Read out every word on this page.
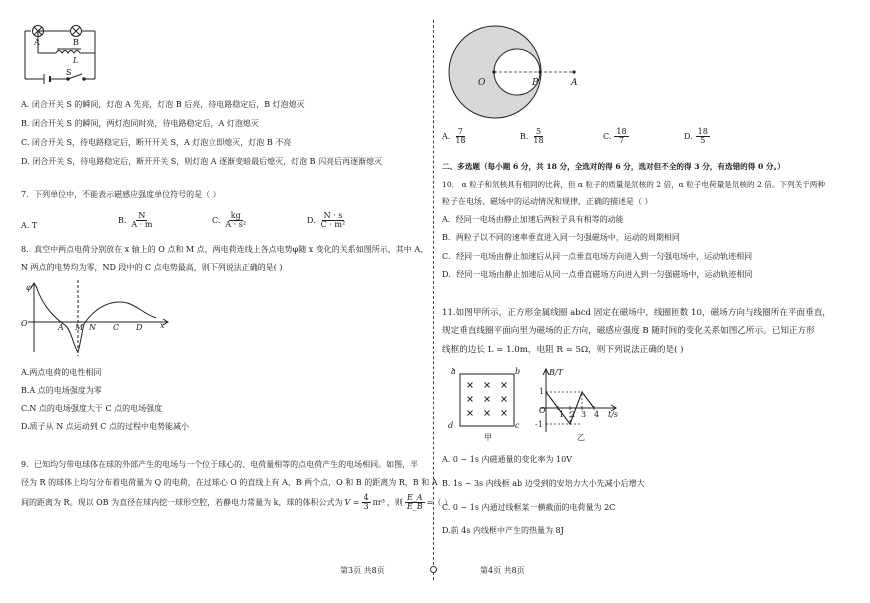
A	B
L
S
A. 闭合开关 S 的瞬间，灯泡 A 先亮，灯泡 B 后亮，待电路稳定后，B 灯泡熄灭
B. 闭合开关 S 的瞬间，两灯泡同时亮，待电路稳定后，A 灯泡熄灭
C. 闭合开关 S，待电路稳定后，断开开关 S，A 灯泡立即熄灭，灯泡 B 不亮
D. 闭合开关 S，待电路稳定后，断开开关 S，则灯泡 A 逐渐变暗最后熄灭，灯泡 B 闪亮后再逐渐熄灭
7．下列单位中，不能表示磁感应强度单位符号的是（ ）
A. T
B. $\frac{N}{A \cdot m}$	C. $\frac{kg}{\text{A · s²}}$	D. $\frac{N \cdot s}{\text{C · m²}}$
8．真空中两点电荷分别放在 x 轴上的 O 点和 M 点，两电荷连线上各点电势φ随 x 变化的关系如图所示，其中 A、
N 两点的电势均为零，ND 段中的 C 点电势最高，则下列说法正确的是( )
φ
O	A M N C D x
A.两点电荷的电性相同
B.A 点的电场强度为零
C.N 点的电场强度大于 C 点的电场强度
D.质子从 N 点运动到 C 点的过程中电势能减小
9．已知均匀带电球体在球的外部产生的电场与一个位于球心的、电荷量相等的点电荷产生的电场相同。如图，半
径为 R 的球体上均匀分布着电荷量为 Q 的电荷，在过球心 O 的直线上有 A、B 两个点，O 和 B 的距离为 R，B 和 A
间的距离为 R。现以 OB 为直径在球内挖一球形空腔，若静电力常量为 k，球的体积公式为 $V = \frac{4}{3} \pi r^3$ ，则 $\frac{E\_A}{E\_B}$ =（ ）
第3页 共8页
O	B	A
A. $\frac{7}{18}$	B. $\frac{5}{18}$	C. $\frac{18}{7}$	D. $\frac{18}{5}$
二、多选题（每小题 6 分，共 18 分，全选对的得 6 分，选对但不全的得 3 分，有选错的得 0 分。）
10． α 粒子和氘核具有相同的比荷，但 α 粒子的质量是氘核的 2 倍，α 粒子电荷量是氘核的 2 倍。下列关于两种
粒子在电场、磁场中的运动情况和规律，正确的描述是（ ）
A．经同一电场由静止加速后两粒子具有相等的动能
B．两粒子以不同的速率垂直进入同一匀强磁场中，运动的周期相同
C．经同一电场由静止加速后从同一点垂直电场方向进入到一匀强电场中，运动轨迹相同
D．经同一电场由静止加速后从同一点垂直磁场方向进入到一匀强磁场中，运动轨迹相同
11.如图甲所示，正方形金属线圈 abcd 固定在磁场中，线圈匝数 10，磁场方向与线圈所在平面垂直，
规定垂直线圈平面向里为磁场的正方向，磁感应强度 B 随时间的变化关系如图乙所示。已知正方形
线框的边长 L = 1.0m，电阻 R = 5Ω，则下列说法正确的是( )
a	b
c
d
甲
B/T
1
-1
O 1 2 3 4 t/s
乙
A. 0 ~ 1s 内磁通量的变化率为 10V
B. 1s ~ 3s 内线框 ab 边受到的安培力大小先减小后增大
C. 0 ~ 1s 内通过线框某一横截面的电荷量为 2C
D.前 4s 内线框中产生的热量为 8J
第4页 共8页
